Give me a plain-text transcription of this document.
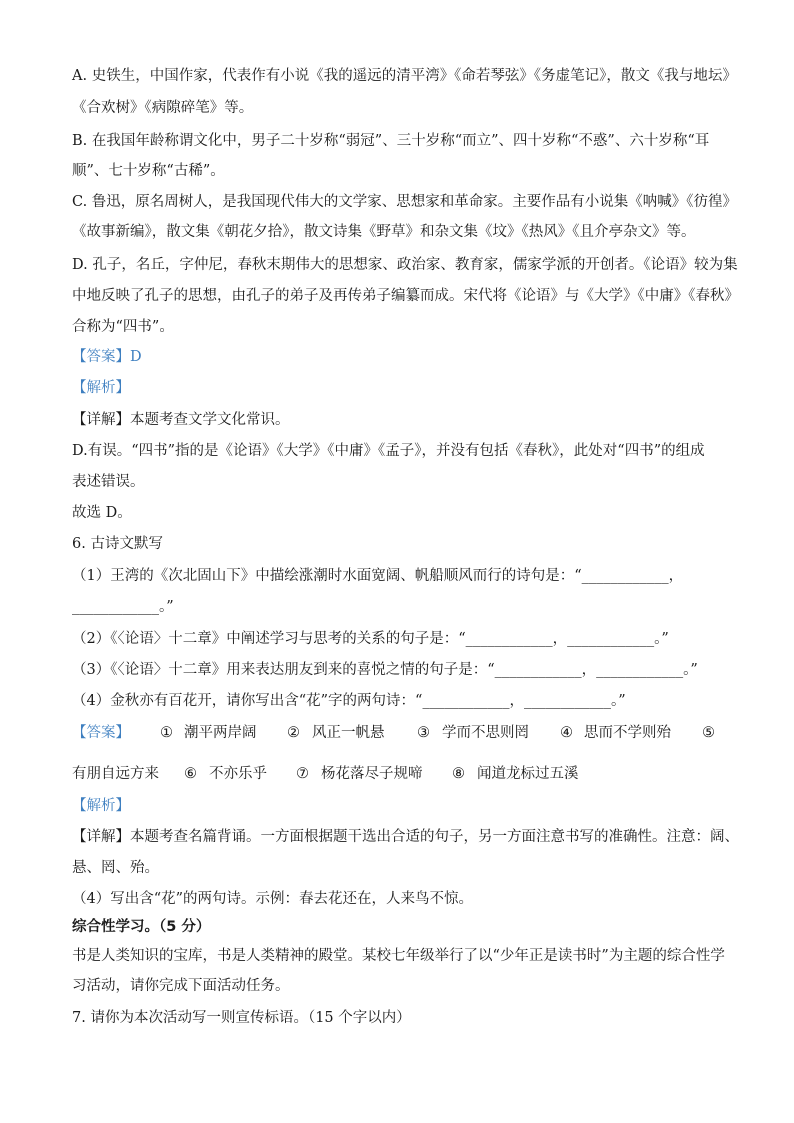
A. 史铁生，中国作家，代表作有小说《我的遥远的清平湾》《命若琴弦》《务虚笔记》，散文《我与地坛》
《合欢树》《病隙碎笔》等。
B. 在我国年龄称谓文化中，男子二十岁称“弱冠”、三十岁称“而立”、四十岁称“不惑”、六十岁称“耳
顺”、七十岁称“古稀”。
C. 鲁迅，原名周树人，是我国现代伟大的文学家、思想家和革命家。主要作品有小说集《呐喊》《彷徨》
《故事新编》，散文集《朝花夕拾》，散文诗集《野草》和杂文集《坟》《热风》《且介亭杂文》等。
D. 孔子，名丘，字仲尼，春秋末期伟大的思想家、政治家、教育家，儒家学派的开创者。《论语》较为集
中地反映了孔子的思想，由孔子的弟子及再传弟子编纂而成。宋代将《论语》与《大学》《中庸》《春秋》
合称为“四书”。
【答案】D
【解析】
【详解】本题考查文学文化常识。
D.有误。“四书”指的是《论语》《大学》《中庸》《孟子》，并没有包括《春秋》，此处对“四书”的组成
表述错误。
故选 D。
6. 古诗文默写
（1）王湾的《次北固山下》中描绘涨潮时水面宽阔、帆船顺风而行的诗句是：“____________，
____________。”
（2）《〈论语〉十二章》中阐述学习与思考的关系的句子是：“____________，____________。”
（3）《〈论语〉十二章》用来表达朋友到来的喜悦之情的句子是：“____________，____________。”
（4）金秋亦有百花开，请你写出含“花”字的两句诗：“____________，____________。”
【答案】 ① 潮平两岸阔 ② 风正一帆悬 ③ 学而不思则罔 ④ 思而不学则殆 ⑤
有朋自远方来 ⑥ 不亦乐乎 ⑦ 杨花落尽子规啼 ⑧ 闻道龙标过五溪
【解析】
【详解】本题考查名篇背诵。一方面根据题干选出合适的句子，另一方面注意书写的准确性。注意：阔、
悬、罔、殆。
（4）写出含“花”的两句诗。示例：春去花还在，人来鸟不惊。
综合性学习。（5 分）
书是人类知识的宝库，书是人类精神的殿堂。某校七年级举行了以“少年正是读书时”为主题的综合性学
习活动，请你完成下面活动任务。
7. 请你为本次活动写一则宣传标语。（15 个字以内）
